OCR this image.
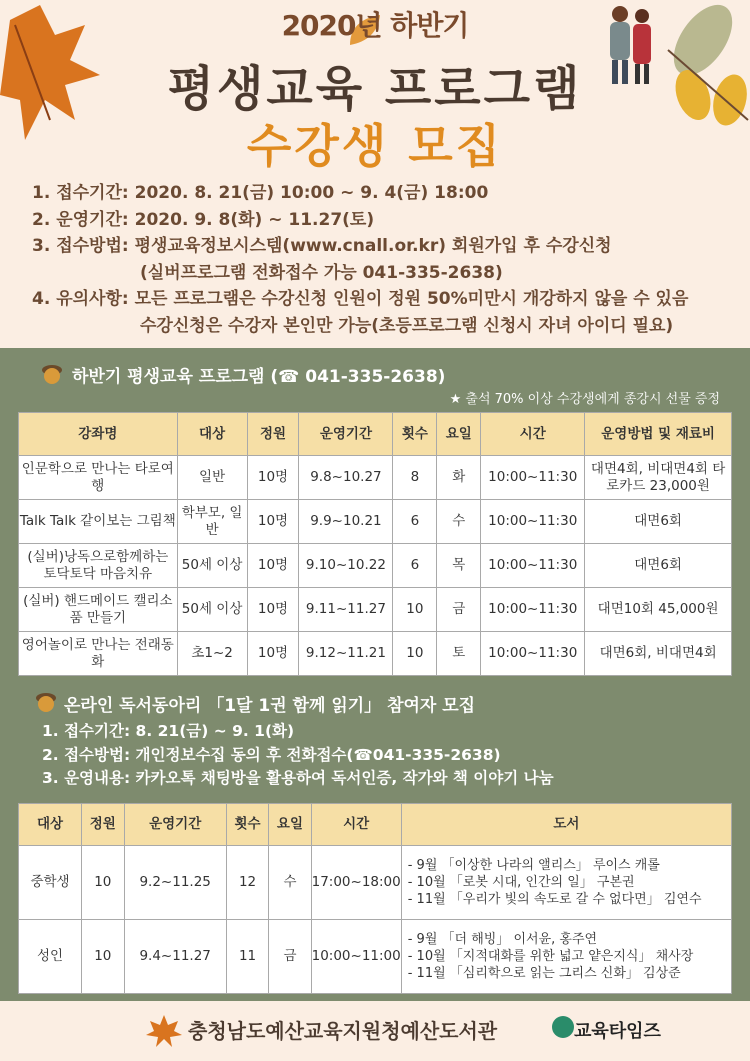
2020년 하반기
평생교육 프로그램
수강생 모집
1. 접수기간: 2020. 8. 21(금) 10:00 ~ 9. 4(금) 18:00
2. 운영기간: 2020. 9. 8(화) ~ 11.27(토)
3. 접수방법: 평생교육정보시스템(www.cnall.or.kr) 회원가입 후 수강신청
(실버프로그램 전화접수 가능 041-335-2638)
4. 유의사항: 모든 프로그램은 수강신청 인원이 정원 50%미만시 개강하지 않을 수 있음
수강신청은 수강자 본인만 가능(초등프로그램 신청시 자녀 아이디 필요)
하반기 평생교육 프로그램 (☎ 041-335-2638)
★ 출석 70% 이상 수강생에게 종강시 선물 증정
강좌명	대상	정원	운영기간	횟수	요일	시간	운영방법 및 재료비
인문학으로 만나는 타로여행	일반	10명	9.8~10.27	8	화	10:00~11:30	대면4회, 비대면4회 타로카드 23,000원
Talk Talk 같이보는 그림책	학부모, 일반	10명	9.9~10.21	6	수	10:00~11:30	대면6회
(실버)낭독으로함께하는 토닥토닥 마음치유	50세 이상	10명	9.10~10.22	6	목	10:00~11:30	대면6회
(실버) 핸드메이드 캘리소품 만들기	50세 이상	10명	9.11~11.27	10	금	10:00~11:30	대면10회 45,000원
영어놀이로 만나는 전래동화	초1~2	10명	9.12~11.21	10	토	10:00~11:30	대면6회, 비대면4회
온라인 독서동아리 「1달 1권 함께 읽기」 참여자 모집
1. 접수기간: 8. 21(금) ~ 9. 1(화)
2. 접수방법: 개인정보수집 동의 후 전화접수(☎041-335-2638)
3. 운영내용: 카카오톡 채팅방을 활용하여 독서인증, 작가와 책 이야기 나눔
대상	정원	운영기간	횟수	요일	시간	도서
중학생	10	9.2~11.25	12	수	17:00~18:00	- 9월 「이상한 나라의 앨리스」 루이스 캐롤
- 10월 「로봇 시대, 인간의 일」 구본권
- 11월 「우리가 빛의 속도로 갈 수 없다면」 김연수

성인	10	9.4~11.27	11	금	10:00~11:00	- 9월 「더 해빙」 이서윤, 홍주연
- 10월 「지적대화를 위한 넓고 얕은지식」 채사장
- 11월 「심리학으로 읽는 그리스 신화」 김상준
충청남도예산교육지원청예산도서관	교육타임즈
